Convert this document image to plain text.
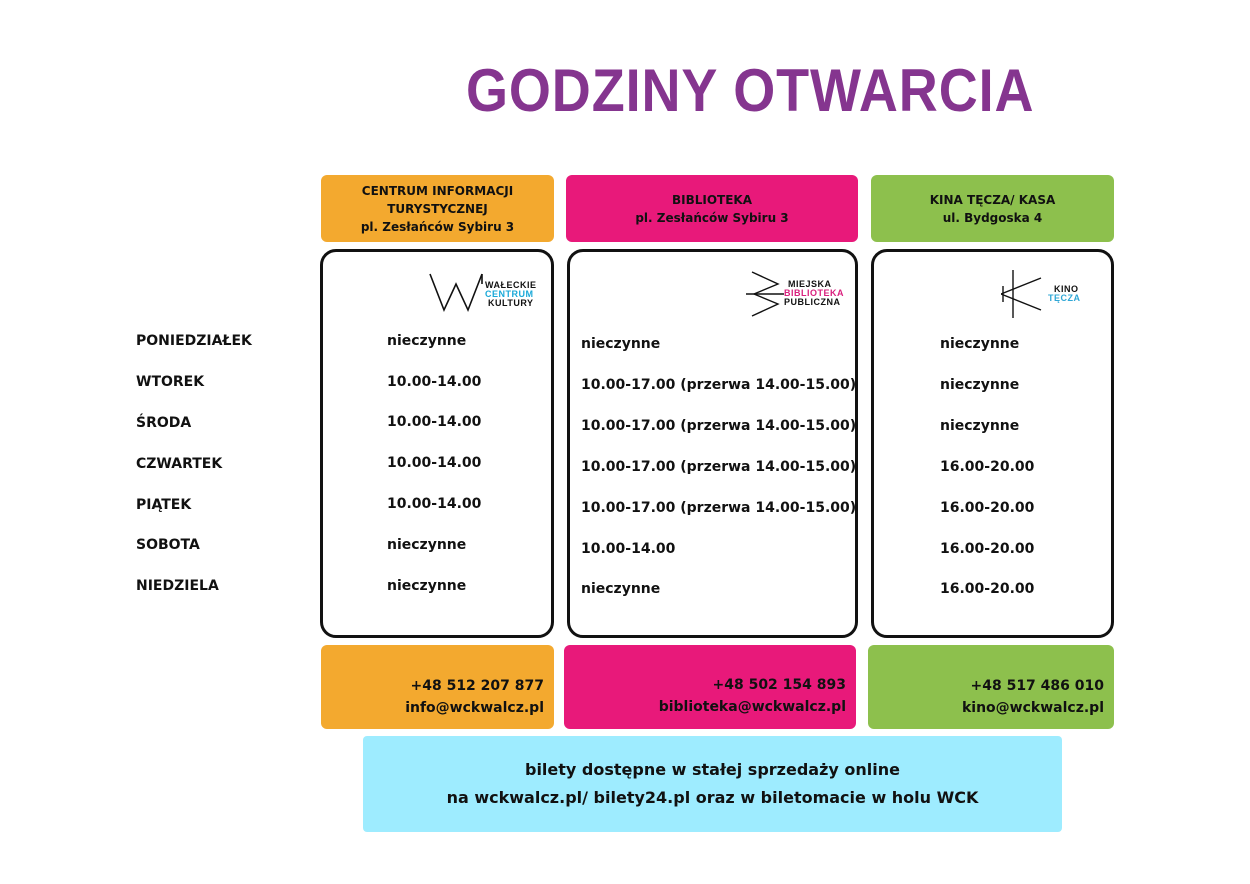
GODZINY OTWARCIA
CENTRUM INFORMACJI
TURYSTYCZNEJ
pl. Zesłańców Sybiru 3
BIBLIOTEKA
pl. Zesłańców Sybiru 3
KINA TĘCZA/ KASA
ul. Bydgoska 4
WAŁECKIE
CENTRUM
KULTURY
MIEJSKA
BIBLIOTEKA
PUBLICZNA
KINO
TĘCZA
PONIEDZIAŁEK
WTOREK
ŚRODA
CZWARTEK
PIĄTEK
SOBOTA
NIEDZIELA
nieczynne
10.00-14.00
10.00-14.00
10.00-14.00
10.00-14.00
nieczynne
nieczynne
nieczynne
10.00-17.00 (przerwa 14.00-15.00)
10.00-17.00 (przerwa 14.00-15.00)
10.00-17.00 (przerwa 14.00-15.00)
10.00-17.00 (przerwa 14.00-15.00)
10.00-14.00
nieczynne
nieczynne
nieczynne
nieczynne
16.00-20.00
16.00-20.00
16.00-20.00
16.00-20.00
+48 512 207 877
info@wckwalcz.pl
+48 502 154 893
biblioteka@wckwalcz.pl
+48 517 486 010
kino@wckwalcz.pl
bilety dostępne w stałej sprzedaży online
na wckwalcz.pl/ bilety24.pl oraz w biletomacie w holu WCK
